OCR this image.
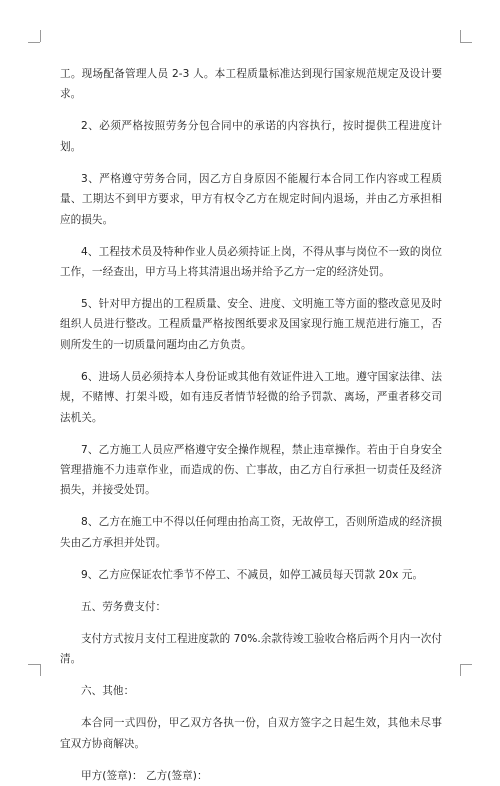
工。现场配备管理人员 2-3 人。本工程质量标准达到现行国家规范规定及设计要求。

2、必须严格按照劳务分包合同中的承诺的内容执行，按时提供工程进度计划。

3、严格遵守劳务合同，因乙方自身原因不能履行本合同工作内容或工程质量、工期达不到甲方要求，甲方有权令乙方在规定时间内退场，并由乙方承担相应的损失。

4、工程技术员及特种作业人员必须持证上岗，不得从事与岗位不一致的岗位工作，一经查出，甲方马上将其清退出场并给予乙方一定的经济处罚。

5、针对甲方提出的工程质量、安全、进度、文明施工等方面的整改意见及时组织人员进行整改。工程质量严格按图纸要求及国家现行施工规范进行施工，否则所发生的一切质量问题均由乙方负责。

6、进场人员必须持本人身份证或其他有效证件进入工地。遵守国家法律、法规，不赌博、打架斗殴，如有违反者情节轻微的给予罚款、离场，严重者移交司法机关。

7、乙方施工人员应严格遵守安全操作规程，禁止违章操作。若由于自身安全管理措施不力违章作业，而造成的伤、亡事故，由乙方自行承担一切责任及经济损失，并接受处罚。

8、乙方在施工中不得以任何理由抬高工资，无故停工，否则所造成的经济损失由乙方承担并处罚。

9、乙方应保证农忙季节不停工、不减员，如停工减员每天罚款 20x 元。

五、劳务费支付：

支付方式按月支付工程进度款的 70%.余款待竣工验收合格后两个月内一次付清。

六、其他：

本合同一式四份，甲乙双方各执一份，自双方签字之日起生效，其他未尽事宜双方协商解决。

甲方(签章)： 乙方(签章)：
